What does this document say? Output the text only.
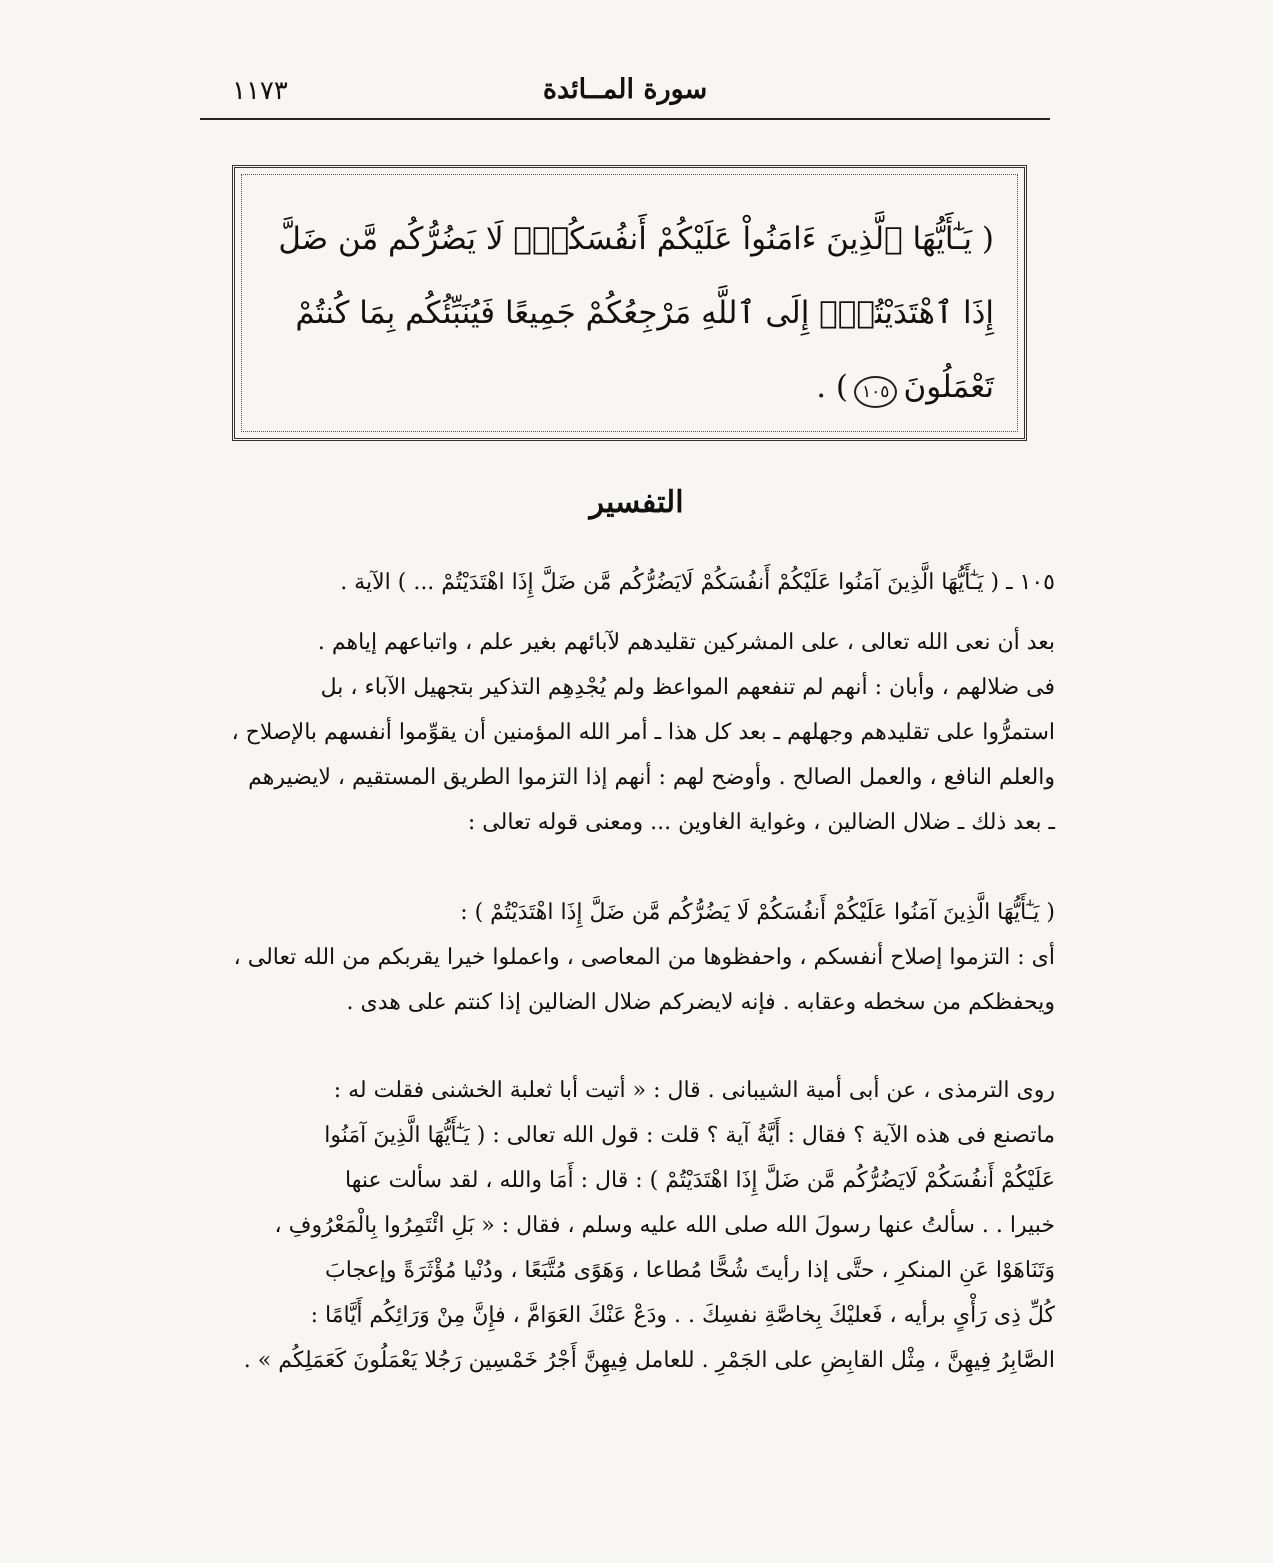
١١٧٣	سورة المــائدة
( يَـٰٓأَيُّهَا ٱلَّذِينَ ءَامَنُواْ عَلَيْكُمْ أَنفُسَكُمْۖ لَا يَضُرُّكُم مَّن ضَلَّ
إِذَا ٱهْتَدَيْتُمْۚ إِلَى ٱللَّهِ مَرْجِعُكُمْ جَمِيعًا فَيُنَبِّئُكُم بِمَا كُنتُمْ
تَعْمَلُونَ١٠٥) .
التفسير
١٠٥ ـ ( يَـٰٓأَيُّهَا الَّذِينَ آمَنُوا عَلَيْكُمْ أَنفُسَكُمْ لَايَضُرُّكُم مَّن ضَلَّ إِذَا اهْتَدَيْتُمْ ... ) الآية .
بعد أن نعى الله تعالى ، على المشركين تقليدهم لآبائهم بغير علم ، واتباعهم إياهم .
فى ضلالهم ، وأبان : أنهم لم تنفعهم المواعظ ولم يُجْدِهِم التذكير بتجهيل الآباء ، بل
استمرُّوا على تقليدهم وجهلهم ـ بعد كل هذا ـ أمر الله المؤمنين أن يقوِّموا أنفسهم بالإصلاح ،
والعلم النافع ، والعمل الصالح . وأوضح لهم : أنهم إذا التزموا الطريق المستقيم ، لايضيرهم
ـ بعد ذلك ـ ضلال الضالين ، وغواية الغاوين ... ومعنى قوله تعالى :
( يَـٰٓأَيُّهَا الَّذِينَ آمَنُوا عَلَيْكُمْ أَنفُسَكُمْ لَا يَضُرُّكُم مَّن ضَلَّ إِذَا اهْتَدَيْتُمْ ) :
أى : التزموا إصلاح أنفسكم ، واحفظوها من المعاصى ، واعملوا خيرا يقربكم من الله تعالى ،
ويحفظكم من سخطه وعقابه . فإنه لايضركم ضلال الضالين إذا كنتم على هدى .
روى الترمذى ، عن أبى أمية الشيبانى . قال : « أتيت أبا ثعلبة الخشنى فقلت له :
ماتصنع فى هذه الآية ؟ فقال : أَيَّةُ آية ؟ قلت : قول الله تعالى : ( يَـٰٓأَيُّهَا الَّذِينَ آمَنُوا
عَلَيْكُمْ أَنفُسَكُمْ لَايَضُرُّكُم مَّن ضَلَّ إِذَا اهْتَدَيْتُمْ ) : قال : أَمَا والله ، لقد سألت عنها
خبيرا . . سألتُ عنها رسولَ الله صلى الله عليه وسلم ، فقال : « بَلِ ائْتَمِرُوا بِالْمَعْرُوفِ ،
وَتَنَاهَوْا عَنِ المنكرِ ، حتَّى إذا رأيتَ شُحًّا مُطاعا ، وَهَوًى مُتَّبَعًا ، ودُنْيا مُؤْثَرَةً وإعجابَ
كُلِّ ذِى رَأْىٍ برأيه ، فَعليْكَ بِخاصَّةِ نفسِكَ . . ودَعْ عَنْكَ العَوَامَّ ، فإِنَّ مِنْ وَرَائِكُم أَيَّامًا :
الصَّابِرُ فِيهِنَّ ، مِثْل القابِضِ على الجَمْرِ . للعامل فِيهِنَّ أَجْرُ خَمْسِين رَجُلا يَعْمَلُونَ كَعَمَلِكُم » .
